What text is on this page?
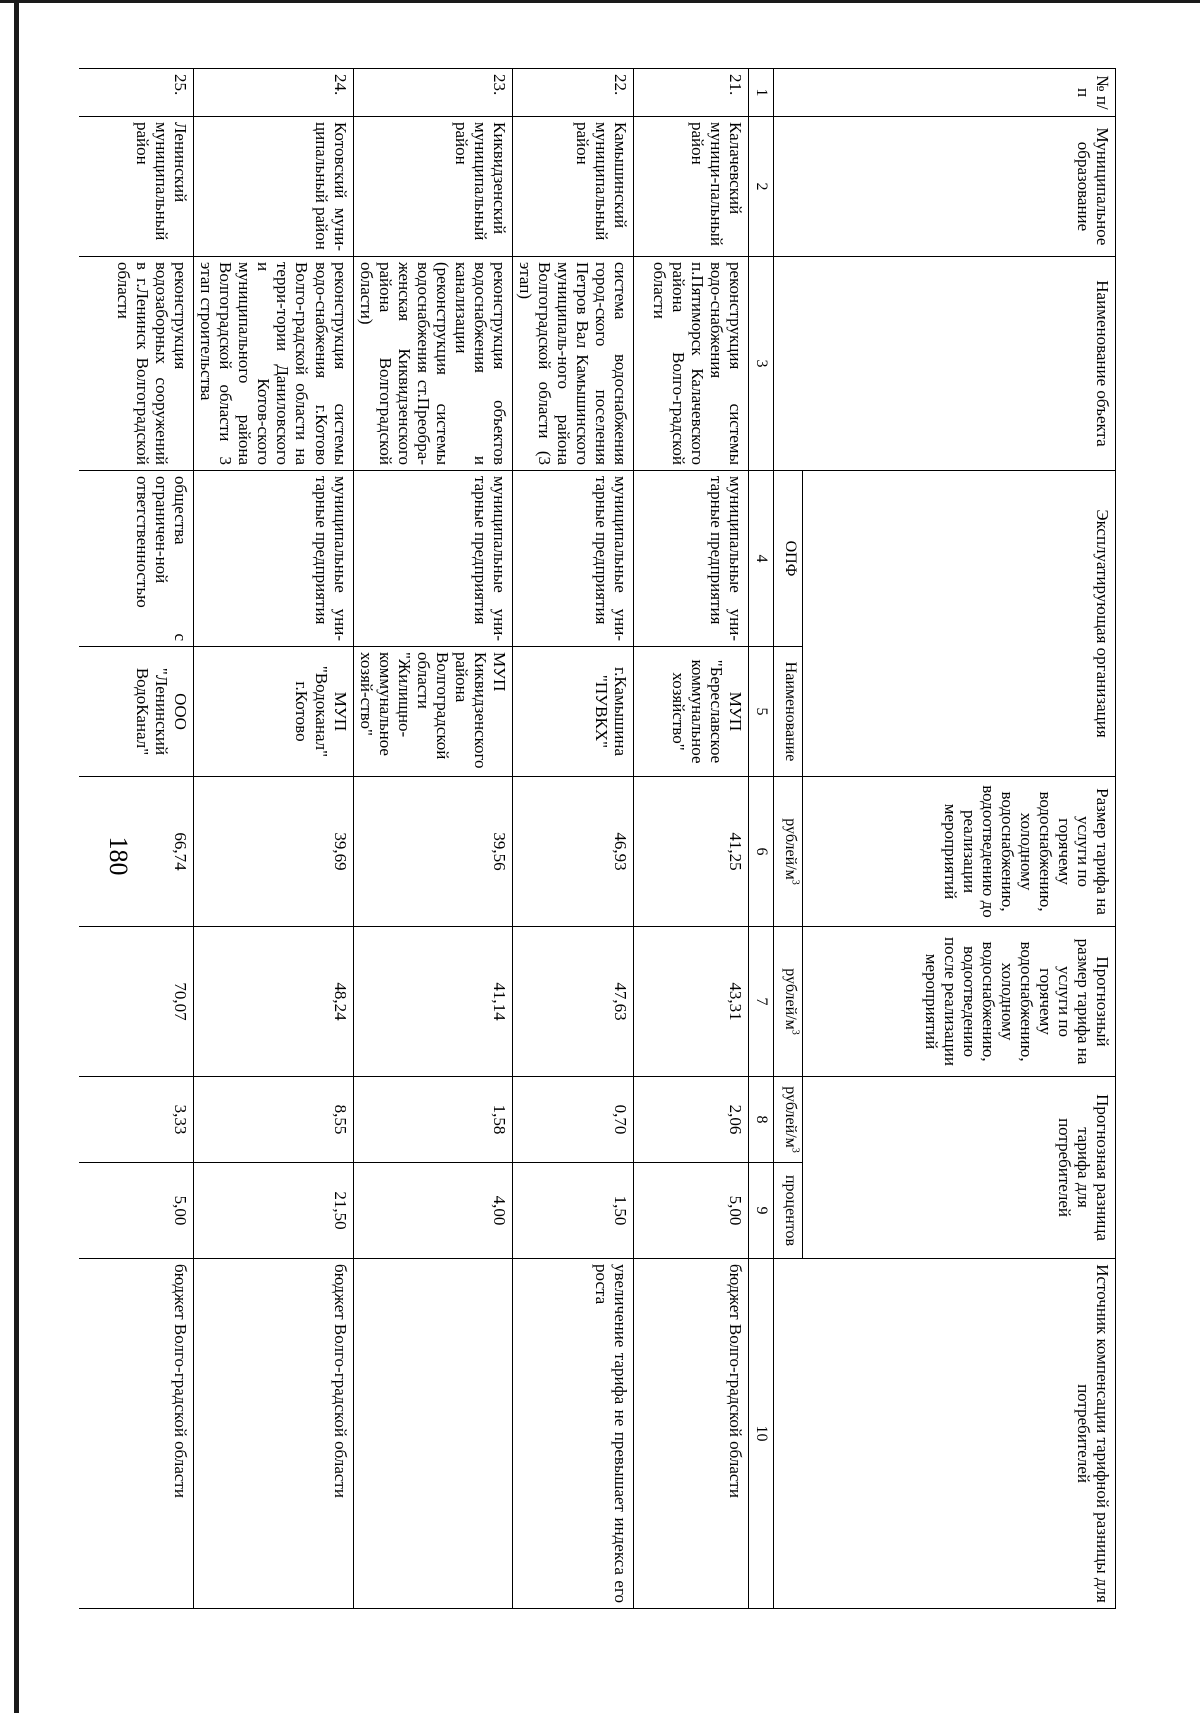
180
№ п/п	Муниципальное образование	Наименование объекта	Эксплуатирующая организация		Размер тарифа на услуги по горячему водоснабжению, холодному водоснабжению, водоотведению до реализации мероприятий	Прогнозный размер тарифа на услуги по горячему водоснабжению, холодному водоснабжению, водоотведению после реализации мероприятий	Прогнозная разница тарифа для потребителей		Источник компенсации тарифной разницы для потребителей
			ОПФ	Наименование	рублей/$м^3$	рублей/$м^3$	рублей/$м^3$	процентов	
1	2	3	4	5	6	7	8	9	10
21.	Калачевский муници-пальный район	реконструкция системы водо-снабжения п.Пятиморск Калачевского района Волго-градской области	муниципальные уни-тарные предприятия	МУП "Береславское коммунальное хозяйство"	41,25	43,31	2,06	5,00	бюджет Волго-градской области
22.	Камышинский муниципальный район	система водоснабжения город-ского поселения Петров Вал Камышинского муниципаль-ного района Волгоградской области (3 этап)	муниципальные уни-тарные предприятия	г.Камышина "ПУВКХ"	46,93	47,63	0,70	1,50	увеличение тарифа не превышает индекса его роста
23.	Киквидзенский муниципальный район	реконструкция объектов водоснабжения и канализации (реконструкция системы водоснабжения ст.Преобра-женская Киквидзенского района Волгоградской области)	муниципальные уни-тарные предприятия	МУП Киквидзенского района Волгоградской области "Жилищно-коммунальное хозяй-ство"	39,56	41,14	1,58	4,00	
24.	Котовский муни-ципальный район	реконструкция системы водо-снабжения г.Котово Волго-градской области на терри-тории Даниловского и Котов-ского муниципального района Волгоградской области 3 этап строительства	муниципальные уни-тарные предприятия	МУП "Водоканал" г.Котово	39,69	48,24	8,55	21,50	бюджет Волго-градской области
25.	Ленинский муниципальный район	реконструкция водозаборных сооружений в г.Ленинск Волгоградской области	общества с ограничен-ной ответственностью	ООО "Ленинский ВодоКанал"	66,74	70,07	3,33	5,00	бюджет Волго-градской области
